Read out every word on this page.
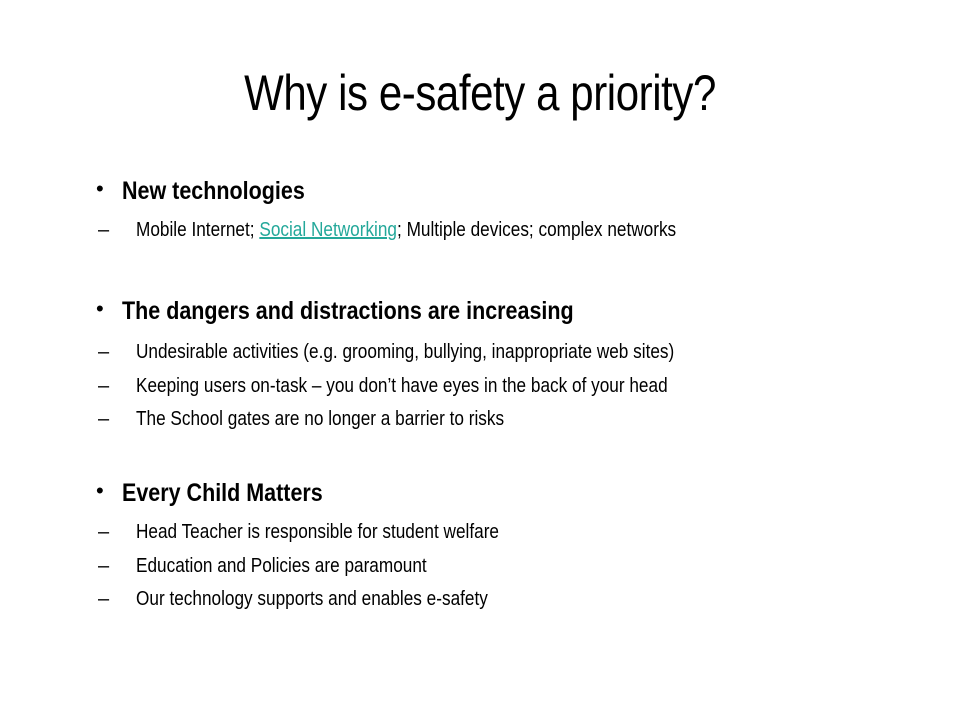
Why is e-safety a priority?
• New technologies
– Mobile Internet; Social Networking; Multiple devices; complex networks
• The dangers and distractions are increasing
– Undesirable activities (e.g. grooming, bullying, inappropriate web sites)
– Keeping users on-task – you don’t have eyes in the back of your head
– The School gates are no longer a barrier to risks
• Every Child Matters
– Head Teacher is responsible for student welfare
– Education and Policies are paramount
– Our technology supports and enables e-safety
